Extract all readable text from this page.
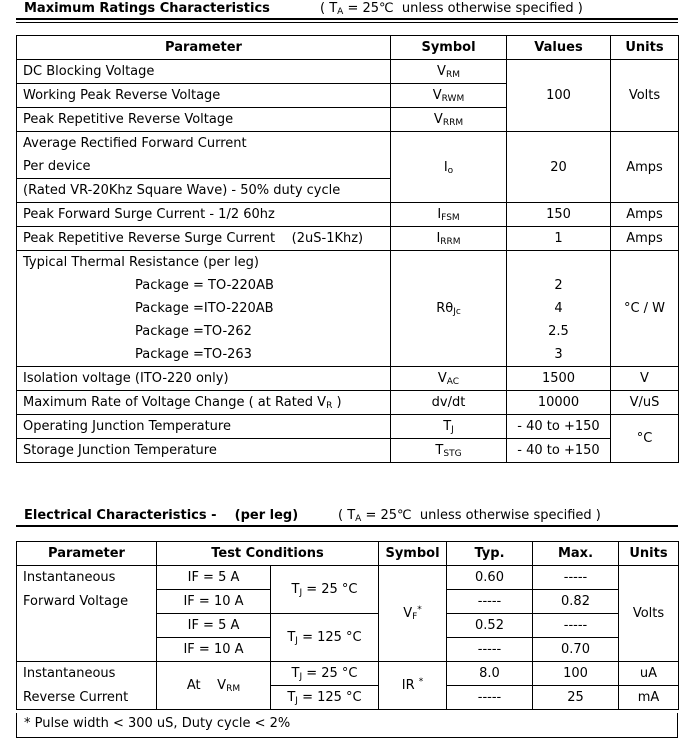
Maximum Ratings Characteristics	( $T_A$ = 25℃  unless otherwise specified )
Parameter	Symbol	Values	Units
DC Blocking Voltage	$V_{RM}$	100	Volts
Working Peak Reverse Voltage	$V_{RWM}$
Peak Repetitive Reverse Voltage	$V_{RRM}$
Average Rectified Forward Current	$I_o$	20	Amps
Per device			
(Rated VR-20Khz Square Wave) - 50% duty cycle			
Peak Forward Surge Current - 1/2 60hz	$I_{FSM}$	150	Amps
Peak Repetitive Reverse Surge Current    (2uS-1Khz)	$I_{RRM}$	1	Amps
Typical Thermal Resistance (per leg)	$R\theta_{Jc}$		°C / W
Package = TO-220AB		2	
Package =ITO-220AB		4	
Package =TO-262		2.5	
Package =TO-263		3	
Isolation voltage (ITO-220 only)	$V_{AC}$	1500	V
Maximum Rate of Voltage Change ( at Rated $V_R$ )	dv/dt	10000	V/uS
Operating Junction Temperature	$T_J$	- 40 to +150	°C
Storage Junction Temperature	$T_{STG}$	- 40 to +150	
Electrical Characteristics -    (per leg)	( $T_A$ = 25℃  unless otherwise specified )
Parameter	Test Conditions		Symbol	Typ.	Max.	Units
Instantaneous	IF = 5 A	$T_J = 25$ °C	$V_F^*$	0.60	-----	Volts
Forward Voltage	IF = 10 A			-----	0.82	
	IF = 5 A	$T_J = 125$ °C		0.52	-----	
	IF = 10 A			-----	0.70	
Instantaneous	At    $V_{RM}$	$T_J = 25$ °C	IR *	8.0	100	uA
Reverse Current		$T_J = 125$ °C		-----	25	mA
* Pulse width < 300 uS, Duty cycle < 2%
